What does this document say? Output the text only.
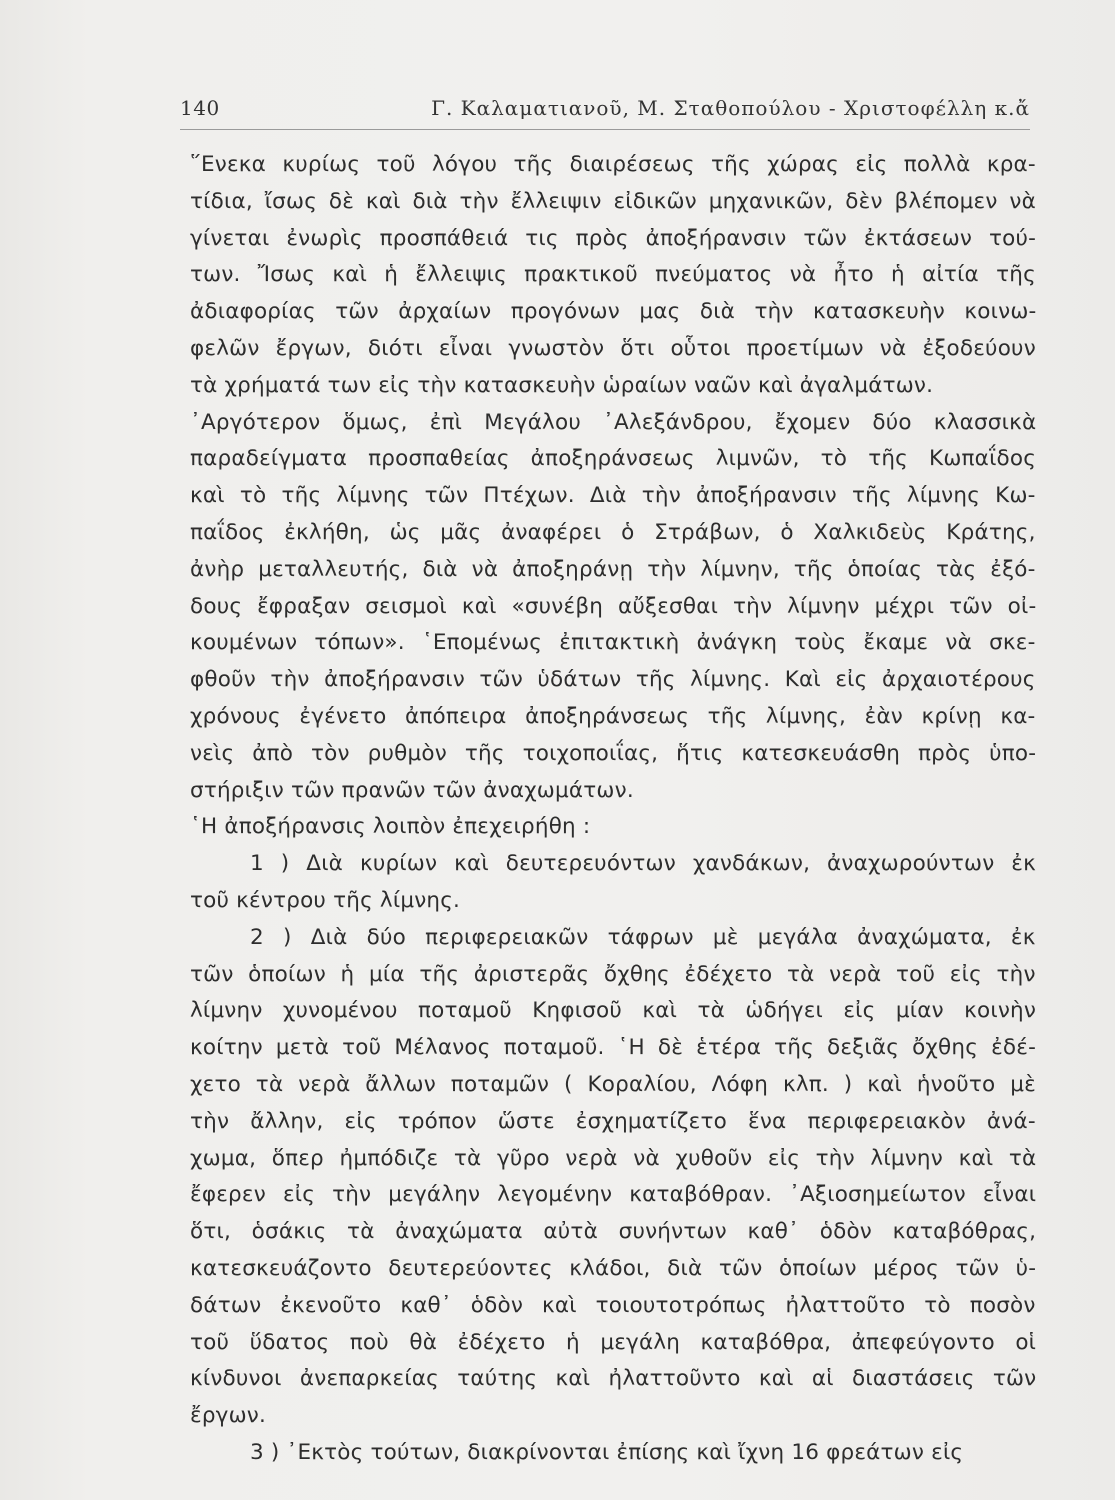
140	Γ. Καλαματιανοῦ, Μ. Σταθοπούλου - Χριστοφέλλη κ.ἄ
῞Ενεκα κυρίως τοῦ λόγου τῆς διαιρέσεως τῆς χώρας εἰς πολλὰ κρα-
τίδια, ἴσως δὲ καὶ διὰ τὴν ἔλλειψιν εἰδικῶν μηχανικῶν, δὲν βλέπομεν νὰ
γίνεται ἐνωρὶς προσπάθειά τις πρὸς ἀποξήρανσιν τῶν ἐκτάσεων τού-
των. Ἴσως καὶ ἡ ἔλλειψις πρακτικοῦ πνεύματος νὰ ἦτο ἡ αἰτία τῆς
ἀδιαφορίας τῶν ἀρχαίων προγόνων μας διὰ τὴν κατασκευὴν κοινω-
φελῶν ἔργων, διότι εἶναι γνωστὸν ὅτι οὗτοι προετίμων νὰ ἐξοδεύουν
τὰ χρήματά των εἰς τὴν κατασκευὴν ὡραίων ναῶν καὶ ἀγαλμάτων.
᾿Αργότερον ὅμως, ἐπὶ Μεγάλου ᾿Αλεξάνδρου, ἔχομεν δύο κλασσικὰ
παραδείγματα προσπαθείας ἀποξηράνσεως λιμνῶν, τὸ τῆς Κωπαΐδος
καὶ τὸ τῆς λίμνης τῶν Πτέχων. Διὰ τὴν ἀποξήρανσιν τῆς λίμνης Κω-
παΐδος ἐκλήθη, ὡς μᾶς ἀναφέρει ὁ Στράβων, ὁ Χαλκιδεὺς Κράτης,
ἀνὴρ μεταλλευτής, διὰ νὰ ἀποξηράνῃ τὴν λίμνην, τῆς ὁποίας τὰς ἐξό-
δους ἔφραξαν σεισμοὶ καὶ «συνέβη αὔξεσθαι τὴν λίμνην μέχρι τῶν οἰ-
κουμένων τόπων». ῾Επομένως ἐπιτακτικὴ ἀνάγκη τοὺς ἔκαμε νὰ σκε-
φθοῦν τὴν ἀποξήρανσιν τῶν ὑδάτων τῆς λίμνης. Καὶ εἰς ἀρχαιοτέρους
χρόνους ἐγένετο ἀπόπειρα ἀποξηράνσεως τῆς λίμνης, ἐὰν κρίνῃ κα-
νεὶς ἀπὸ τὸν ρυθμὸν τῆς τοιχοποιΐας, ἥτις κατεσκευάσθη πρὸς ὑπο-
στήριξιν τῶν πρανῶν τῶν ἀναχωμάτων.
῾Η ἀποξήρανσις λοιπὸν ἐπεχειρήθη :
1 ) Διὰ κυρίων καὶ δευτερευόντων χανδάκων, ἀναχωρούντων ἐκ
τοῦ κέντρου τῆς λίμνης.
2 ) Διὰ δύο περιφερειακῶν τάφρων μὲ μεγάλα ἀναχώματα, ἐκ
τῶν ὁποίων ἡ μία τῆς ἀριστερᾶς ὄχθης ἐδέχετο τὰ νερὰ τοῦ εἰς τὴν
λίμνην χυνομένου ποταμοῦ Κηφισοῦ καὶ τὰ ὡδήγει εἰς μίαν κοινὴν
κοίτην μετὰ τοῦ Μέλανος ποταμοῦ. ῾Η δὲ ἑτέρα τῆς δεξιᾶς ὄχθης ἐδέ-
χετο τὰ νερὰ ἄλλων ποταμῶν ( Κοραλίου, Λόφη κλπ. ) καὶ ἡνοῦτο μὲ
τὴν ἄλλην, εἰς τρόπον ὥστε ἐσχηματίζετο ἕνα περιφερειακὸν ἀνά-
χωμα, ὅπερ ἠμπόδιζε τὰ γῦρο νερὰ νὰ χυθοῦν εἰς τὴν λίμνην καὶ τὰ
ἔφερεν εἰς τὴν μεγάλην λεγομένην καταβόθραν. ᾿Αξιοσημείωτον εἶναι
ὅτι, ὁσάκις τὰ ἀναχώματα αὐτὰ συνήντων καθ᾿ ὁδὸν καταβόθρας,
κατεσκευάζοντο δευτερεύοντες κλάδοι, διὰ τῶν ὁποίων μέρος τῶν ὑ-
δάτων ἐκενοῦτο καθ᾿ ὁδὸν καὶ τοιουτοτρόπως ἠλαττοῦτο τὸ ποσὸν
τοῦ ὕδατος ποὺ θὰ ἐδέχετο ἡ μεγάλη καταβόθρα, ἀπεφεύγοντο οἱ
κίνδυνοι ἀνεπαρκείας ταύτης καὶ ἠλαττοῦντο καὶ αἱ διαστάσεις τῶν
ἔργων.
3 ) ᾿Εκτὸς τούτων, διακρίνονται ἐπίσης καὶ ἴχνη 16 φρεάτων εἰς
